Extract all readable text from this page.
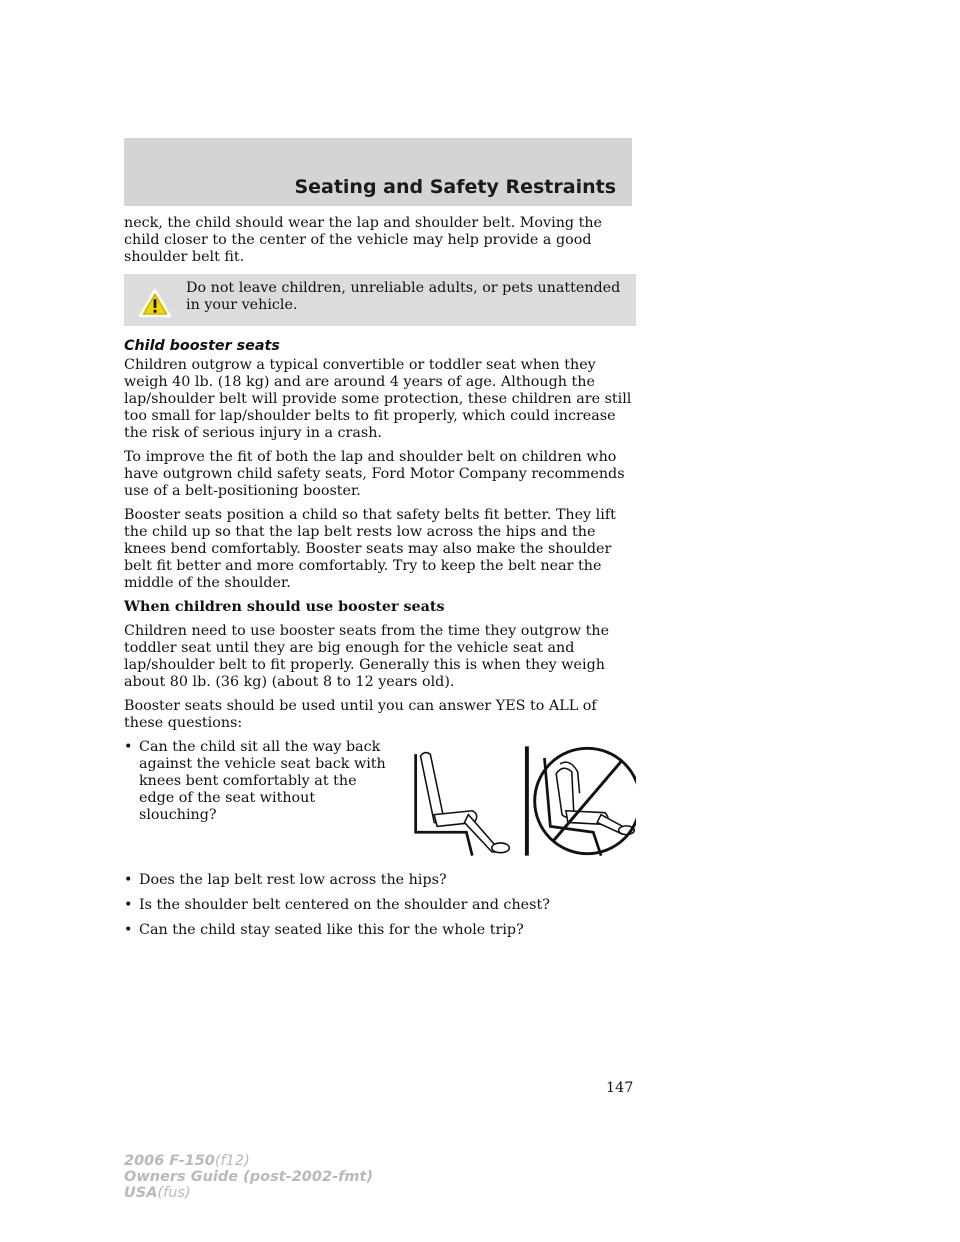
Seating and Safety Restraints

neck, the child should wear the lap and shoulder belt. Moving the child closer to the center of the vehicle may help provide a good shoulder belt fit.

Do not leave children, unreliable adults, or pets unattended in your vehicle.
Child booster seats

Children outgrow a typical convertible or toddler seat when they weigh 40 lb. (18 kg) and are around 4 years of age. Although the lap/shoulder belt will provide some protection, these children are still too small for lap/shoulder belts to fit properly, which could increase the risk of serious injury in a crash.

To improve the fit of both the lap and shoulder belt on children who have outgrown child safety seats, Ford Motor Company recommends use of a belt-positioning booster.

Booster seats position a child so that safety belts fit better. They lift the child up so that the lap belt rests low across the hips and the knees bend comfortably. Booster seats may also make the shoulder belt fit better and more comfortably. Try to keep the belt near the middle of the shoulder.

When children should use booster seats

Children need to use booster seats from the time they outgrow the toddler seat until they are big enough for the vehicle seat and lap/shoulder belt to fit properly. Generally this is when they weigh about 80 lb. (36 kg) (about 8 to 12 years old).

Booster seats should be used until you can answer YES to ALL of these questions:

• Can the child sit all the way back against the vehicle seat back with knees bent comfortably at the edge of the seat without slouching?
• Does the lap belt rest low across the hips?
• Is the shoulder belt centered on the shoulder and chest?
• Can the child stay seated like this for the whole trip?
147
2006 F-150(f12)
Owners Guide (post-2002-fmt)
USA(fus)
